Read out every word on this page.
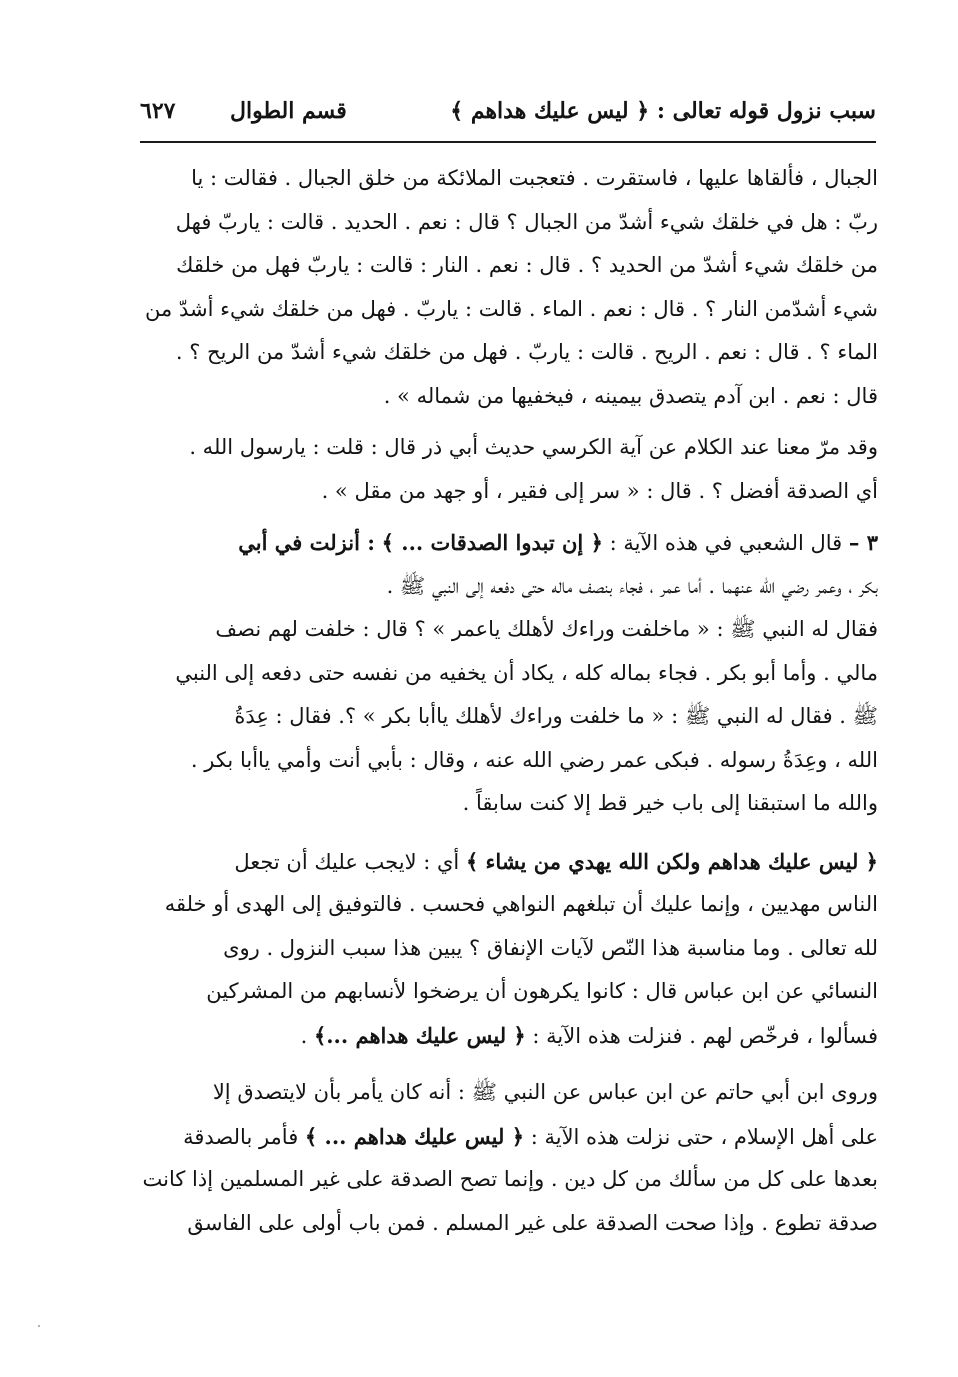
سبب نزول قوله تعالى : ﴿ ليس عليك هداهم ﴾
قسم الطوال
٦٢٧
الجبال ، فألقاها عليها ، فاستقرت . فتعجبت الملائكة من خلق الجبال . فقالت : يا
ربّ : هل في خلقك شيء أشدّ من الجبال ؟ قال : نعم . الحديد . قالت : ياربّ فهل
من خلقك شيء أشدّ من الحديد ؟ . قال : نعم . النار : قالت : ياربّ فهل من خلقك
شيء أشدّمن النار ؟ . قال : نعم . الماء . قالت : ياربّ . فهل من خلقك شيء أشدّ من
الماء ؟ . قال : نعم . الريح . قالت : ياربّ . فهل من خلقك شيء أشدّ من الريح ؟ .
قال : نعم . ابن آدم يتصدق بيمينه ، فيخفيها من شماله » .
وقد مرّ معنا عند الكلام عن آية الكرسي حديث أبي ذر قال : قلت : يارسول الله .
أي الصدقة أفضل ؟ . قال : « سر إلى فقير ، أو جهد من مقل » .
٣ – قال الشعبي في هذه الآية : ﴿ إن تبدوا الصدقات ... ﴾ : أنزلت في أبي
بكر ، وعمر رضي الله عنهما . أما عمر ، فجاء بنصف ماله حتى دفعه إلى النبي ﷺ .
فقال له النبي ﷺ : « ماخلفت وراءك لأهلك ياعمر » ؟ قال : خلفت لهم نصف
مالي . وأما أبو بكر . فجاء بماله كله ، يكاد أن يخفيه من نفسه حتى دفعه إلى النبي
ﷺ . فقال له النبي ﷺ : « ما خلفت وراءك لأهلك ياأبا بكر » ؟. فقال : عِدَةُ
الله ، وعِدَةُ رسوله . فبكى عمر رضي الله عنه ، وقال : بأبي أنت وأمي ياأبا بكر .
والله ما استبقنا إلى باب خير قط إلا كنت سابقاً .
﴿ ليس عليك هداهم ولكن الله يهدي من يشاء ﴾ أي : لايجب عليك أن تجعل
الناس مهديين ، وإنما عليك أن تبلغهم النواهي فحسب . فالتوفيق إلى الهدى أو خلقه
لله تعالى . وما مناسبة هذا النّص لآيات الإنفاق ؟ يبين هذا سبب النزول . روى
النسائي عن ابن عباس قال : كانوا يكرهون أن يرضخوا لأنسابهم من المشركين
فسألوا ، فرخّص لهم . فنزلت هذه الآية : ﴿ ليس عليك هداهم ...﴾ .
وروى ابن أبي حاتم عن ابن عباس عن النبي ﷺ : أنه كان يأمر بأن لايتصدق إلا
على أهل الإسلام ، حتى نزلت هذه الآية : ﴿ ليس عليك هداهم ... ﴾ فأمر بالصدقة
بعدها على كل من سألك من كل دين . وإنما تصح الصدقة على غير المسلمين إذا كانت
صدقة تطوع . وإذا صحت الصدقة على غير المسلم . فمن باب أولى على الفاسق
